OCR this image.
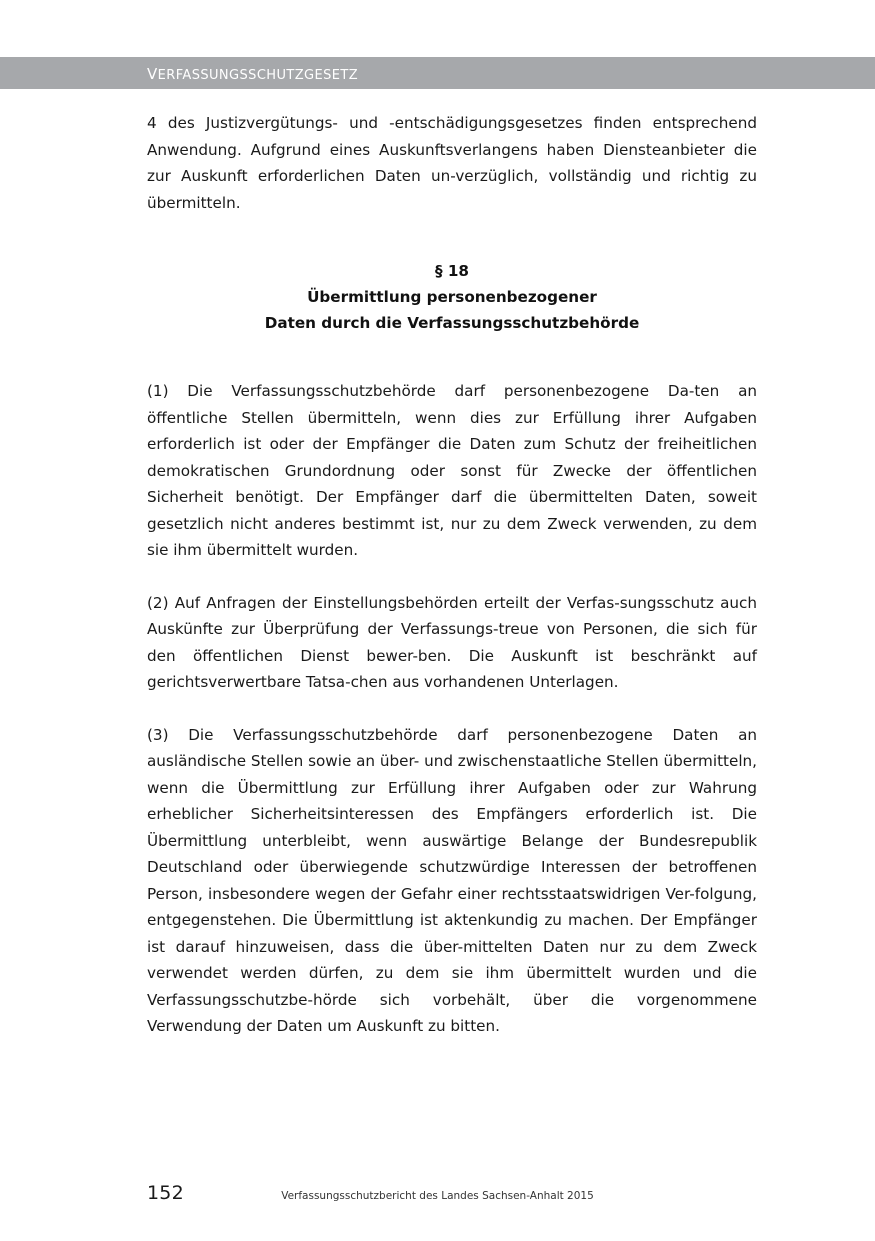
verfassungsschutzgesetz

4 des Justizvergütungs- und -entschädigungsgesetzes finden entsprechend Anwendung. Aufgrund eines Auskunftsverlangens haben Diensteanbieter die zur Auskunft erforderlichen Daten un-verzüglich, vollständig und richtig zu übermitteln.

§ 18
Übermittlung personenbezogener
Daten durch die Verfassungsschutzbehörde

(1) Die Verfassungsschutzbehörde darf personenbezogene Da-ten an öffentliche Stellen übermitteln, wenn dies zur Erfüllung ihrer Aufgaben erforderlich ist oder der Empfänger die Daten zum Schutz der freiheitlichen demokratischen Grundordnung oder sonst für Zwecke der öffentlichen Sicherheit benötigt. Der Empfänger darf die übermittelten Daten, soweit gesetzlich nicht anderes bestimmt ist, nur zu dem Zweck verwenden, zu dem sie ihm übermittelt wurden.

(2) Auf Anfragen der Einstellungsbehörden erteilt der Verfas-sungsschutz auch Auskünfte zur Überprüfung der Verfassungs-treue von Personen, die sich für den öffentlichen Dienst bewer-ben. Die Auskunft ist beschränkt auf gerichtsverwertbare Tatsa-chen aus vorhandenen Unterlagen.

(3) Die Verfassungsschutzbehörde darf personenbezogene Daten an ausländische Stellen sowie an über- und zwischenstaatliche Stellen übermitteln, wenn die Übermittlung zur Erfüllung ihrer Aufgaben oder zur Wahrung erheblicher Sicherheitsinteressen des Empfängers erforderlich ist. Die Übermittlung unterbleibt, wenn auswärtige Belange der Bundesrepublik Deutschland oder überwiegende schutzwürdige Interessen der betroffenen Person, insbesondere wegen der Gefahr einer rechtsstaatswidrigen Ver-folgung, entgegenstehen. Die Übermittlung ist aktenkundig zu machen. Der Empfänger ist darauf hinzuweisen, dass die über-mittelten Daten nur zu dem Zweck verwendet werden dürfen, zu dem sie ihm übermittelt wurden und die Verfassungsschutzbe-hörde sich vorbehält, über die vorgenommene Verwendung der Daten um Auskunft zu bitten.

152	Verfassungsschutzbericht des Landes Sachsen-Anhalt 2015
